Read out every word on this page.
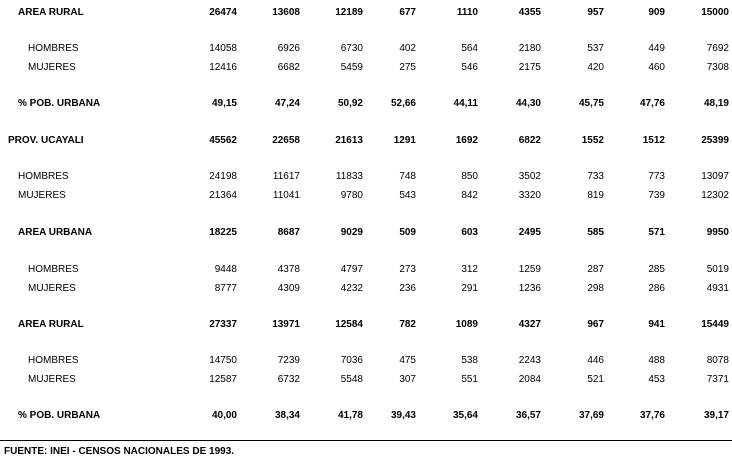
AREA RURAL	26474	13608	12189	677	1110	4355	957	909	15000
HOMBRES	14058	6926	6730	402	564	2180	537	449	7692
MUJERES	12416	6682	5459	275	546	2175	420	460	7308
% POB. URBANA	49,15	47,24	50,92	52,66	44,11	44,30	45,75	47,76	48,19
PROV. UCAYALI	45562	22658	21613	1291	1692	6822	1552	1512	25399
HOMBRES	24198	11617	11833	748	850	3502	733	773	13097
MUJERES	21364	11041	9780	543	842	3320	819	739	12302
AREA URBANA	18225	8687	9029	509	603	2495	585	571	9950
HOMBRES	9448	4378	4797	273	312	1259	287	285	5019
MUJERES	8777	4309	4232	236	291	1236	298	286	4931
AREA RURAL	27337	13971	12584	782	1089	4327	967	941	15449
HOMBRES	14750	7239	7036	475	538	2243	446	488	8078
MUJERES	12587	6732	5548	307	551	2084	521	453	7371
% POB. URBANA	40,00	38,34	41,78	39,43	35,64	36,57	37,69	37,76	39,17
FUENTE: INEI - CENSOS NACIONALES DE 1993.
